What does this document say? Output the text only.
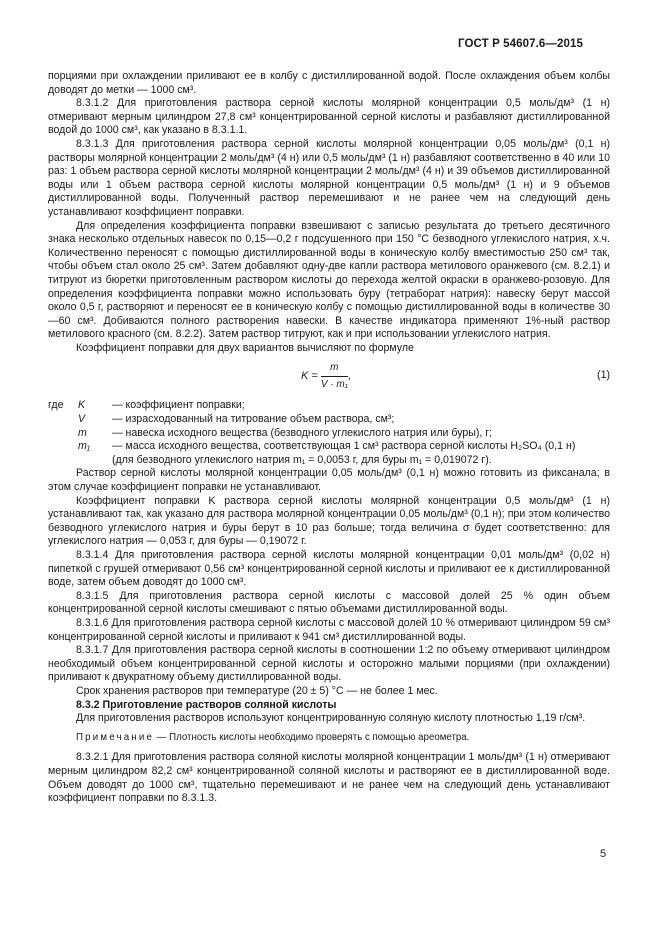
ГОСТ Р 54607.6—2015

порциями при охлаждении приливают ее в колбу с дистиллированной водой. После охлаждения объем колбы доводят до метки — 1000 см³.

8.3.1.2 Для приготовления раствора серной кислоты молярной концентрации 0,5 моль/дм³ (1 н) отмеривают мерным цилиндром 27,8 см³ концентрированной серной кислоты и разбавляют дистиллированной водой до 1000 см³, как указано в 8.3.1.1.

8.3.1.3 Для приготовления раствора серной кислоты молярной концентрации 0,05 моль/дм³ (0,1 н) растворы молярной концентрации 2 моль/дм³ (4 н) или 0,5 моль/дм³ (1 н) разбавляют соответственно в 40 или 10 раз: 1 объем раствора серной кислоты молярной концентрации 2 моль/дм³ (4 н) и 39 объемов дистиллированной воды или 1 объем раствора серной кислоты молярной концентрации 0,5 моль/дм³ (1 н) и 9 объемов дистиллированной воды. Полученный раствор перемешивают и не ранее чем на следующий день устанавливают коэффициент поправки.

Для определения коэффициента поправки взвешивают с записью результата до третьего десятичного знака несколько отдельных навесок по 0,15—0,2 г подсушенного при 150 °С безводного углекислого натрия, х.ч. Количественно переносят с помощью дистиллированной воды в коническую колбу вместимостью 250 см³ так, чтобы объем стал около 25 см³. Затем добавляют одну-две капли раствора метилового оранжевого (см. 8.2.1) и титруют из бюретки приготовленным раствором кислоты до перехода желтой окраски в оранжево-розовую. Для определения коэффициента поправки можно использовать буру (тетраборат натрия): навеску берут массой около 0,5 г, растворяют и переносят ее в коническую колбу с помощью дистиллированной воды в количестве 30—60 см³. Добиваются полного растворения навески. В качестве индикатора применяют 1%-ный раствор метилового красного (см. 8.2.2). Затем раствор титруют, как и при использовании углекислого натрия.

Коэффициент поправки для двух вариантов вычисляют по формуле

$K = \frac{m}{\text{V · m₁}}$ ,	(1)
где	K	— коэффициент поправки;
V	— израсходованный на титрование объем раствора, см³;
m	— навеска исходного вещества (безводного углекислого натрия или буры), г;
m₁	— масса исходного вещества, соответствующая 1 см³ раствора серной кислоты H₂SO₄ (0,1 н)
(для безводного углекислого натрия m₁ = 0,0053 г, для буры m₁ = 0,019072 г).

Раствор серной кислоты молярной концентрации 0,05 моль/дм³ (0,1 н) можно готовить из фиксанала; в этом случае коэффициент поправки не устанавливают.

Коэффициент поправки K раствора серной кислоты молярной концентрации 0,5 моль/дм³ (1 н) устанавливают так, как указано для раствора молярной концентрации 0,05 моль/дм³ (0,1 н); при этом количество безводного углекислого натрия и буры берут в 10 раз больше; тогда величина σ будет соответственно: для углекислого натрия — 0,053 г, для буры — 0,19072 г.

8.3.1.4 Для приготовления раствора серной кислоты молярной концентрации 0,01 моль/дм³ (0,02 н) пипеткой с грушей отмеривают 0,56 см³ концентрированной серной кислоты и приливают ее к дистиллированной воде, затем объем доводят до 1000 см³.

8.3.1.5 Для приготовления раствора серной кислоты с массовой долей 25 % один объем концентрированной серной кислоты смешивают с пятью объемами дистиллированной воды.

8.3.1.6 Для приготовления раствора серной кислоты с массовой долей 10 % отмеривают цилиндром 59 см³ концентрированной серной кислоты и приливают к 941 см³ дистиллированной воды.

8.3.1.7 Для приготовления раствора серной кислоты в соотношении 1:2 по объему отмеривают цилиндром необходимый объем концентрированной серной кислоты и осторожно малыми порциями (при охлаждении) приливают к двукратному объему дистиллированной воды.

Срок хранения растворов при температуре (20 ± 5) °С — не более 1 мес.

8.3.2 Приготовление растворов соляной кислоты

Для приготовления растворов используют концентрированную соляную кислоту плотностью 1,19 г/см³.

Примечание — Плотность кислоты необходимо проверять с помощью ареометра.

8.3.2.1 Для приготовления раствора соляной кислоты молярной концентрации 1 моль/дм³ (1 н) отмеривают мерным цилиндром 82,2 см³ концентрированной соляной кислоты и растворяют ее в дистиллированной воде. Объем доводят до 1000 см³, тщательно перемешивают и не ранее чем на следующий день устанавливают коэффициент поправки по 8.3.1.3.

5
